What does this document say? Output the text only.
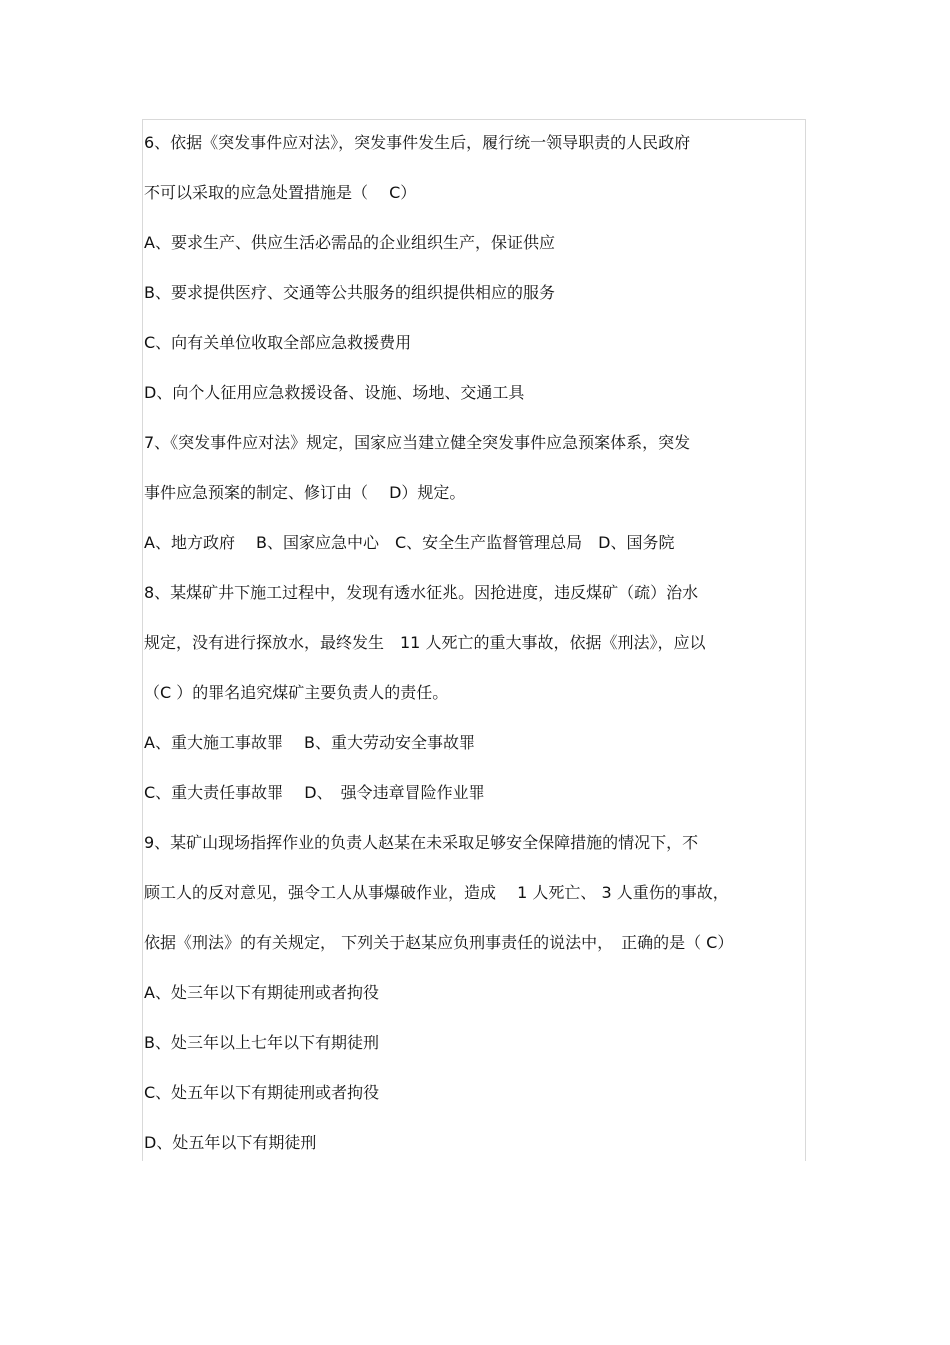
6、依据《突发事件应对法》，突发事件发生后，履行统一领导职责的人民政府
不可以采取的应急处置措施是（　 C）
A、要求生产、供应生活必需品的企业组织生产，保证供应
B、要求提供医疗、交通等公共服务的组织提供相应的服务
C、向有关单位收取全部应急救援费用
D、向个人征用应急救援设备、设施、场地、交通工具
7、《突发事件应对法》规定，国家应当建立健全突发事件应急预案体系，突发
事件应急预案的制定、修订由（　 D）规定。
A、地方政府　 B、国家应急中心　C、安全生产监督管理总局　D、国务院
8、某煤矿井下施工过程中，发现有透水征兆。因抢进度，违反煤矿（疏）治水
规定，没有进行探放水，最终发生　11 人死亡的重大事故，依据《刑法》，应以
（C ）的罪名追究煤矿主要负责人的责任。
A、重大施工事故罪　 B、重大劳动安全事故罪
C、重大责任事故罪　 D、　强令违章冒险作业罪
9、某矿山现场指挥作业的负责人赵某在未采取足够安全保障措施的情况下，不
顾工人的反对意见，强令工人从事爆破作业，造成　 1 人死亡、 3 人重伤的事故，
依据《刑法》的有关规定， 下列关于赵某应负刑事责任的说法中，　正确的是（ C）
A、处三年以下有期徒刑或者拘役
B、处三年以上七年以下有期徒刑
C、处五年以下有期徒刑或者拘役
D、处五年以下有期徒刑
